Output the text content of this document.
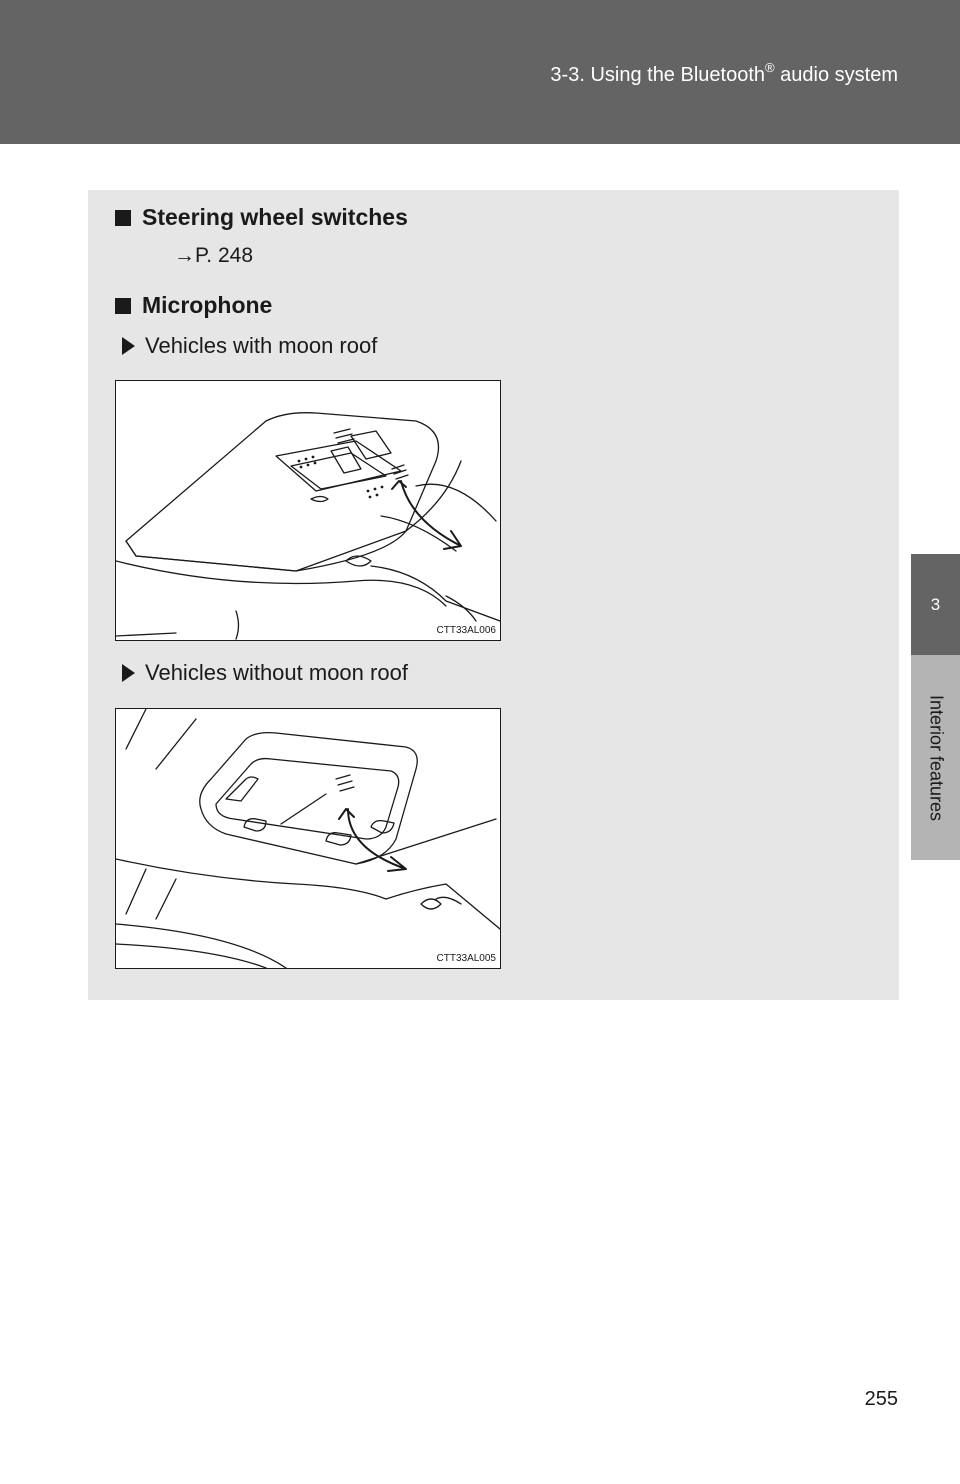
3-3. Using the Bluetooth® audio system
3
Interior features
Steering wheel switches
→P. 248
Microphone
Vehicles with moon roof
CTT33AL006
Vehicles without moon roof
CTT33AL005
255
